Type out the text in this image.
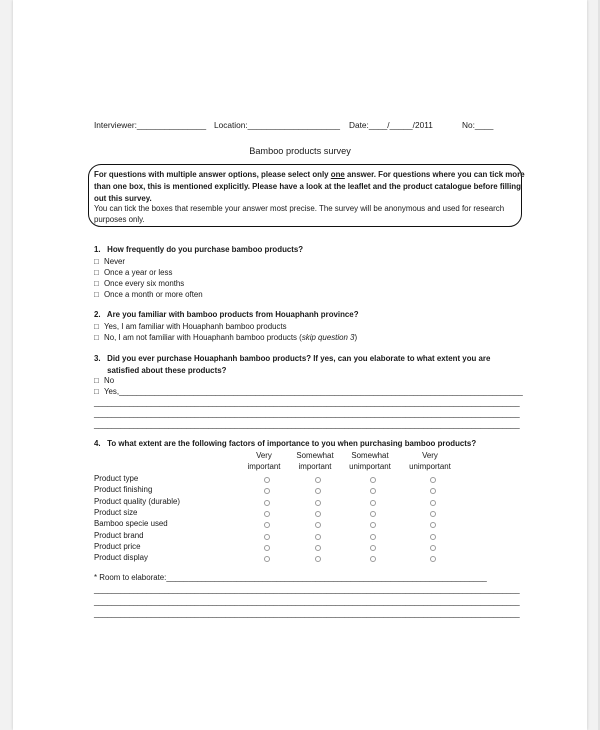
Interviewer:_______________ Location:____________________ Date:____/_____/2011	No:____
Bamboo products survey
For questions with multiple answer options, please select only one answer. For questions where you can tick more
than one box, this is mentioned explicitly. Please have a look at the leaflet and the product catalogue before filling
out this survey.
You can tick the boxes that resemble your answer most precise. The survey will be anonymous and used for research
purposes only.
1.   How frequently do you purchase bamboo products?
□ Never
□ Once a year or less
□ Once every six months
□ Once a month or more often
2.   Are you familiar with bamboo products from Houaphanh province?
□ Yes, I am familiar with Houaphanh bamboo products
□ No, I am not familiar with Houaphanh bamboo products (skip question 3)
3.   Did you ever purchase Houaphanh bamboo products? If yes, can you elaborate to what extent you are
satisfied about these products?
□ No
□ Yes,____________________________________________________________________________________________
_________________________________________________________________________________________________
_________________________________________________________________________________________________
_________________________________________________________________________________________________
4.   To what extent are the following factors of importance to you when purchasing bamboo products?
Very
important
Somewhat
important
Somewhat
unimportant
Very
unimportant
Product type
Product finishing
Product quality (durable)
Product size
Bamboo specie used
Product brand
Product price
Product display
* Room to elaborate:_________________________________________________________________________
_________________________________________________________________________________________________
_________________________________________________________________________________________________
_________________________________________________________________________________________________
